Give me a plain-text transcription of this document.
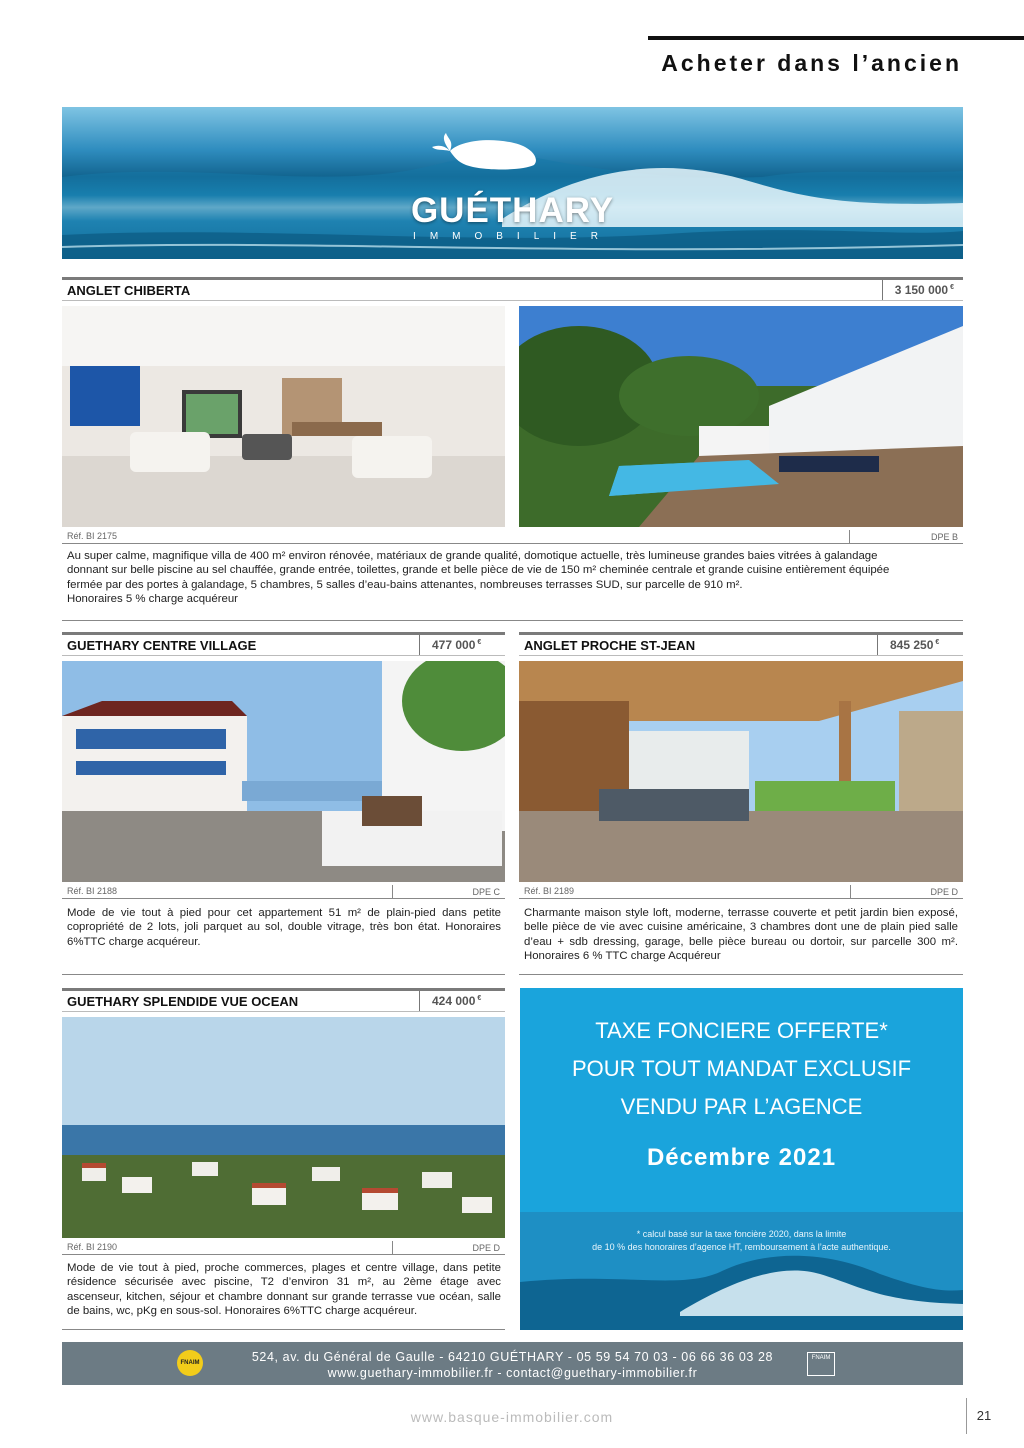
Acheter dans l’ancien
GUÉTHARY
IMMOBILIER
ANGLET CHIBERTA	3 150 000 €
Réf. BI 2175	DPE B
Au super calme, magnifique villa de 400 m² environ rénovée, matériaux de grande qualité, domotique actuelle, très lumineuse grandes baies vitrées à galandage
donnant sur belle piscine au sel chauffée, grande entrée, toilettes, grande et belle pièce de vie de 150 m² cheminée centrale et grande cuisine entièrement équipée
fermée par des portes à galandage, 5 chambres, 5 salles d’eau-bains attenantes, nombreuses terrasses SUD, sur parcelle de 910 m².
Honoraires 5 % charge acquéreur
GUETHARY CENTRE VILLAGE	477 000 €
Réf. BI 2188	DPE C
Mode de vie tout à pied pour cet appartement 51 m² de plain-pied dans petite copropriété de 2 lots, joli parquet au sol, double vitrage, très bon état. Honoraires 6%TTC charge acquéreur.
ANGLET PROCHE ST-JEAN	845 250 €
Réf. BI 2189	DPE D
Charmante maison style loft, moderne, terrasse couverte et petit jardin bien exposé, belle pièce de vie avec cuisine américaine, 3 chambres dont une de plain pied salle d’eau + sdb dressing, garage, belle pièce bureau ou dortoir, sur parcelle 300 m². Honoraires 6 % TTC charge Acquéreur
GUETHARY SPLENDIDE VUE OCEAN	424 000 €
Réf. BI 2190	DPE D
Mode de vie tout à pied, proche commerces, plages et centre village, dans petite résidence sécurisée avec piscine, T2 d’environ 31 m², au 2ème étage avec ascenseur, kitchen, séjour et chambre donnant sur grande terrasse vue océan, salle de bains, wc, pKg en sous-sol. Honoraires 6%TTC charge acquéreur.
TAXE FONCIERE OFFERTE*
POUR TOUT MANDAT EXCLUSIF
VENDU PAR L’AGENCE
Décembre 2021
* calcul basé sur la taxe foncière 2020, dans la limite
de 10 % des honoraires d’agence HT, remboursement à l’acte authentique.
FNAIM	524, av. du Général de Gaulle - 64210 GUÉTHARY - 05 59 54 70 03 - 06 66 36 03 28
www.guethary-immobilier.fr - contact@guethary-immobilier.fr
FNAIM
www.basque-immobilier.com	21
